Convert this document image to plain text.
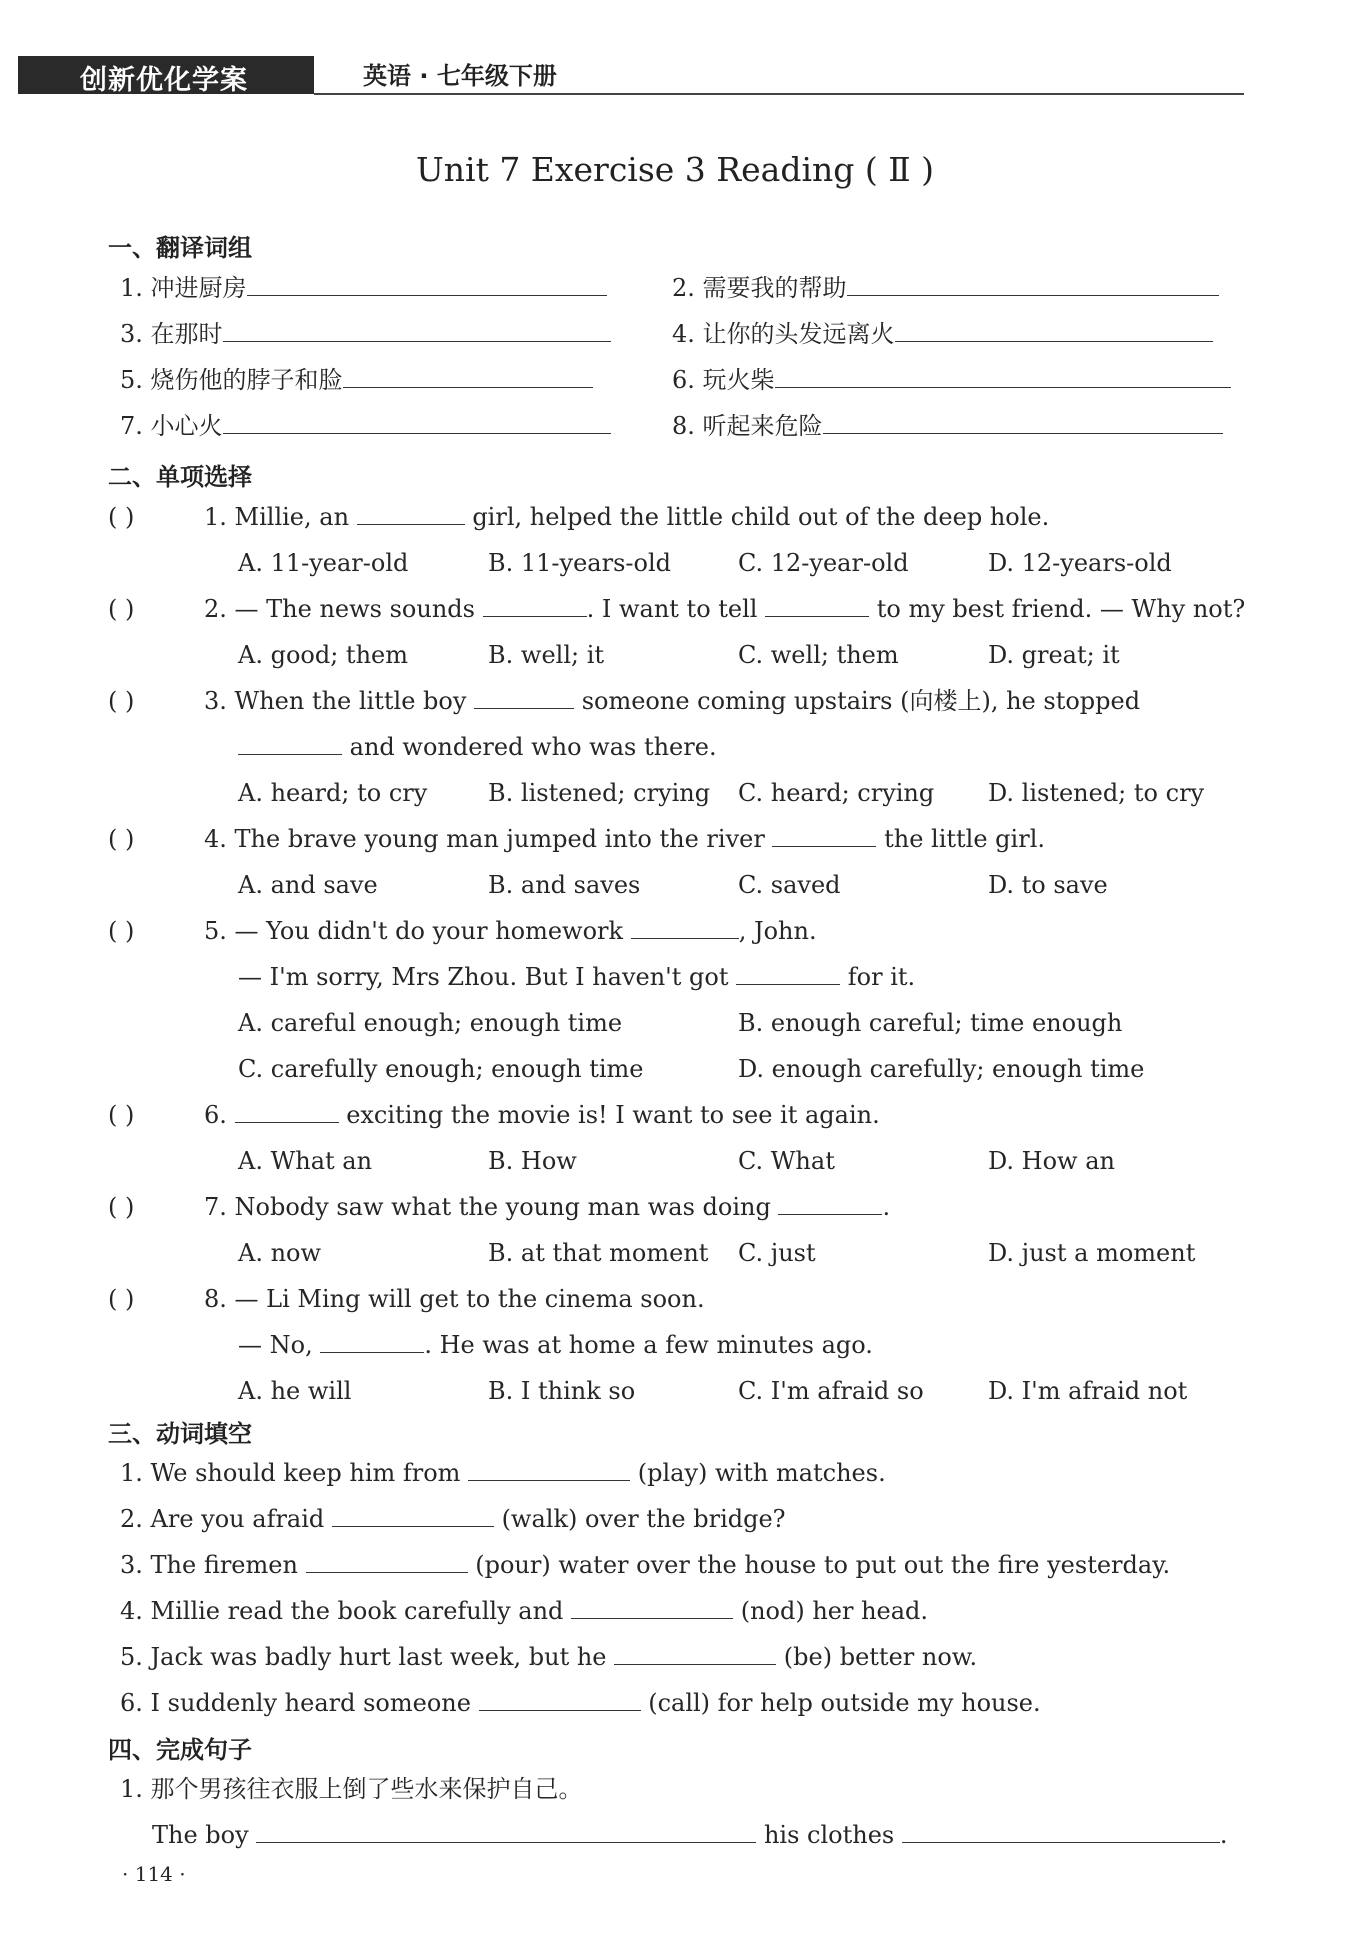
创新优化学案	英语 · 七年级下册
Unit 7 Exercise 3 Reading ( Ⅱ )
一、翻译词组
1. 冲进厨房	2. 需要我的帮助
3. 在那时	4. 让你的头发远离火
5. 烧伤他的脖子和脸	6. 玩火柴
7. 小心火	8. 听起来危险
二、单项选择
( )	1. Millie, an	girl, helped the little child out of the deep hole.
A. 11-year-old	B. 11-years-old	C. 12-year-old	D. 12-years-old
( )	2. — The news sounds	. I want to tell	to my best friend. — Why not?
A. good; them	B. well; it	C. well; them	D. great; it
( )	3. When the little boy	someone coming upstairs (向楼上), he stopped
and wondered who was there.
A. heard; to cry	B. listened; crying C. heard; crying D. listened; to cry
( )	4. The brave young man jumped into the river	the little girl.
A. and save	B. and saves	C. saved	D. to save
( )	5. — You didn't do your homework	, John.
— I'm sorry, Mrs Zhou. But I haven't got	for it.
A. careful enough; enough time	B. enough careful; time enough
C. carefully enough; enough time	D. enough carefully; enough time
( )	6.	exciting the movie is! I want to see it again.
A. What an	B. How	C. What	D. How an
( )	7. Nobody saw what the young man was doing	.
A. now	B. at that moment C. just	D. just a moment
( )	8. — Li Ming will get to the cinema soon.
— No,	. He was at home a few minutes ago.
A. he will	B. I think so	C. I'm afraid so	D. I'm afraid not
三、动词填空
1. We should keep him from	(play) with matches.
2. Are you afraid	(walk) over the bridge?
3. The firemen	(pour) water over the house to put out the fire yesterday.
4. Millie read the book carefully and	(nod) her head.
5. Jack was badly hurt last week, but he	(be) better now.
6. I suddenly heard someone	(call) for help outside my house.
四、完成句子
1. 那个男孩往衣服上倒了些水来保护自己。
The boy	his clothes	.
· 114 ·
